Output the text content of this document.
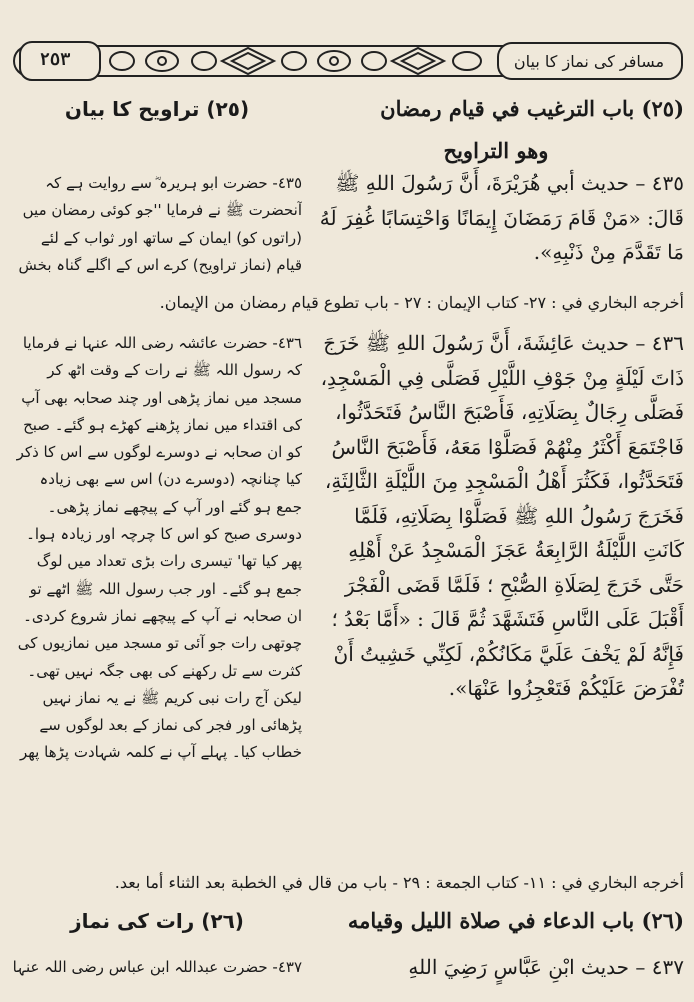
٢٥٣	مسافر کی نماز کا بیان
(٢٥) باب الترغيب في قيام رمضان
وهو التراويح
(٢٥) تراویح کا بیان
٤٣٥ – حديث أبي هُرَيْرَةَ، أَنَّ رَسُولَ اللهِ ﷺ قَالَ: «مَنْ قَامَ رَمَضَانَ إِيمَانًا وَاحْتِسَابًا غُفِرَ لَهُ مَا تَقَدَّمَ مِنْ ذَنْبِهِ».
٤٣٥- حضرت ابو ہریرہ ؓ سے روایت ہے کہ آنحضرت ﷺ نے فرمایا ''جو کوئی رمضان میں (راتوں کو) ایمان کے ساتھ اور ثواب کے لئے قیام (نماز تراویح) کرے اس کے اگلے گناہ بخش
أخرجه البخاري في : ٢٧- كتاب الإيمان : ٢٧ - باب تطوع قيام رمضان من الإيمان.
٤٣٦ – حديث عَائِشَةَ، أَنَّ رَسُولَ اللهِ ﷺ خَرَجَ ذَاتَ لَيْلَةٍ مِنْ جَوْفِ اللَّيْلِ فَصَلَّى فِي الْمَسْجِدِ، فَصَلَّى رِجَالٌ بِصَلَاتِهِ، فَأَصْبَحَ النَّاسُ فَتَحَدَّثُوا، فَاجْتَمَعَ أَكْثَرُ مِنْهُمْ فَصَلَّوْا مَعَهُ، فَأَصْبَحَ النَّاسُ فَتَحَدَّثُوا، فَكَثُرَ أَهْلُ الْمَسْجِدِ مِنَ اللَّيْلَةِ الثَّالِثَةِ، فَخَرَجَ رَسُولُ اللهِ ﷺ فَصَلَّوْا بِصَلَاتِهِ، فَلَمَّا كَانَتِ اللَّيْلَةُ الرَّابِعَةُ عَجَزَ الْمَسْجِدُ عَنْ أَهْلِهِ حَتَّى خَرَجَ لِصَلَاةِ الصُّبْحِ ؛ فَلَمَّا قَضَى الْفَجْرَ أَقْبَلَ عَلَى النَّاسِ فَتَشَهَّدَ ثُمَّ قَالَ : «أَمَّا بَعْدُ ؛ فَإِنَّهُ لَمْ يَخْفَ عَلَيَّ مَكَانُكُمْ، لَكِنِّي خَشِيتُ أَنْ تُفْرَضَ عَلَيْكُمْ فَتَعْجِزُوا عَنْهَا».
٤٣٦- حضرت عائشہ رضی اللہ عنہا نے فرمایا کہ رسول اللہ ﷺ نے رات کے وقت اٹھ کر مسجد میں نماز پڑھی اور چند صحابہ بھی آپ کی اقتداء میں نماز پڑھنے کھڑے ہو گئے۔ صبح کو ان صحابہ نے دوسرے لوگوں سے اس کا ذکر کیا چنانچہ (دوسرے دن) اس سے بھی زیادہ جمع ہو گئے اور آپ کے پیچھے نماز پڑھی۔ دوسری صبح کو اس کا چرچہ اور زیادہ ہوا۔ پھر کیا تھا' تیسری رات بڑی تعداد میں لوگ جمع ہو گئے۔ اور جب رسول اللہ ﷺ اٹھے تو ان صحابہ نے آپ کے پیچھے نماز شروع کردی۔ چوتھی رات جو آئی تو مسجد میں نمازیوں کی کثرت سے تل رکھنے کی بھی جگہ نہیں تھی۔ لیکن آج رات نبی کریم ﷺ نے یہ نماز نہیں پڑھائی اور فجر کی نماز کے بعد لوگوں سے خطاب کیا۔ پہلے آپ نے کلمہ شہادت پڑھا پھر
أخرجه البخاري في : ١١- كتاب الجمعة : ٢٩ - باب من قال في الخطبة بعد الثناء أما بعد.
(٢٦) باب الدعاء في صلاة الليل وقيامه
(٢٦) رات کی نماز
٤٣٧ – حديث ابْنِ عَبَّاسٍ رَضِيَ اللهِ
٤٣٧- حضرت عبداللہ ابن عباس رضی اللہ عنہا
